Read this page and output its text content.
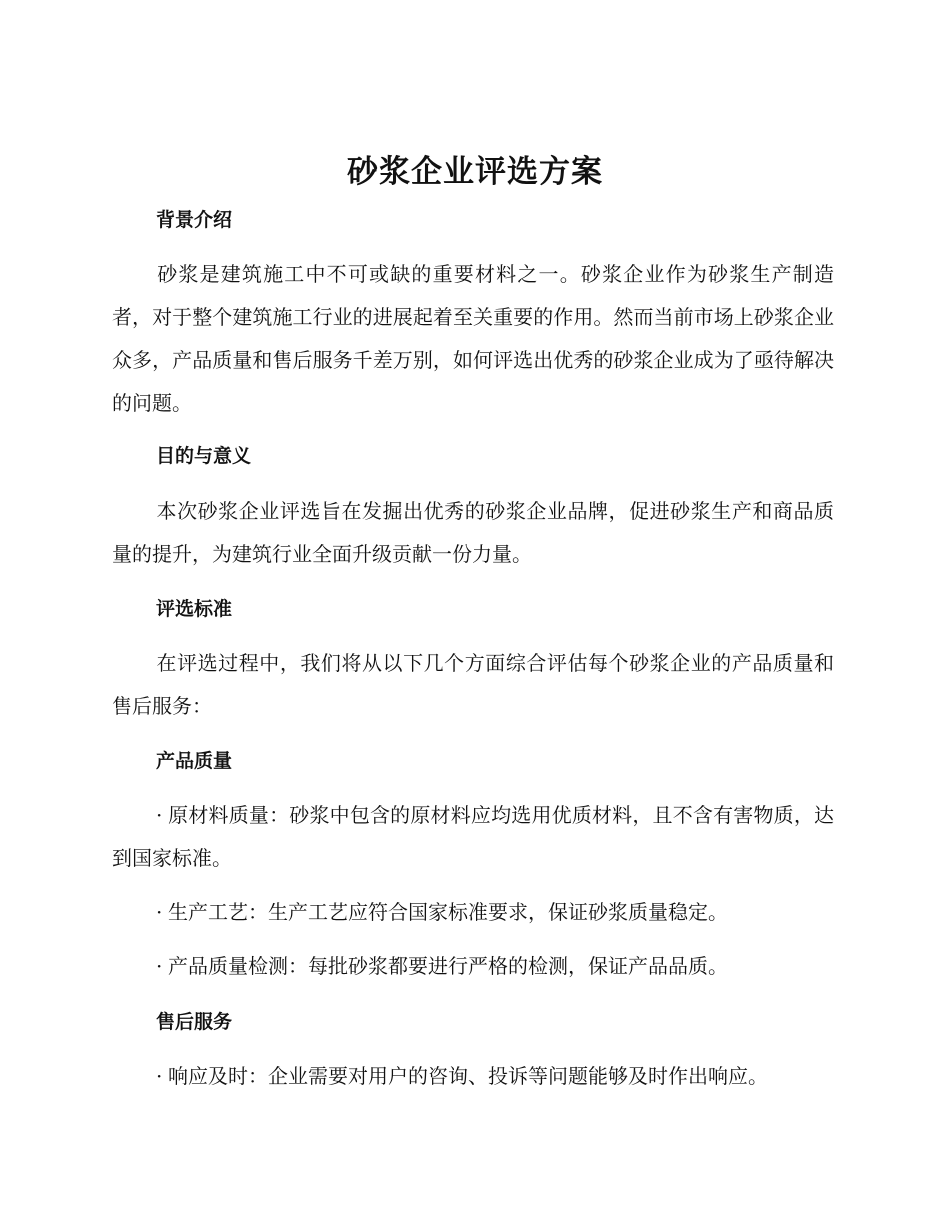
砂浆企业评选方案
背景介绍

砂浆是建筑施工中不可或缺的重要材料之一。砂浆企业作为砂浆生产制造者，对于整个建筑施工行业的进展起着至关重要的作用。然而当前市场上砂浆企业众多，产品质量和售后服务千差万别，如何评选出优秀的砂浆企业成为了亟待解决的问题。

目的与意义

本次砂浆企业评选旨在发掘出优秀的砂浆企业品牌，促进砂浆生产和商品质量的提升，为建筑行业全面升级贡献一份力量。

评选标准

在评选过程中，我们将从以下几个方面综合评估每个砂浆企业的产品质量和售后服务：

产品质量

· 原材料质量：砂浆中包含的原材料应均选用优质材料，且不含有害物质，达到国家标准。

· 生产工艺：生产工艺应符合国家标准要求，保证砂浆质量稳定。

· 产品质量检测：每批砂浆都要进行严格的检测，保证产品品质。

售后服务

· 响应及时：企业需要对用户的咨询、投诉等问题能够及时作出响应。
